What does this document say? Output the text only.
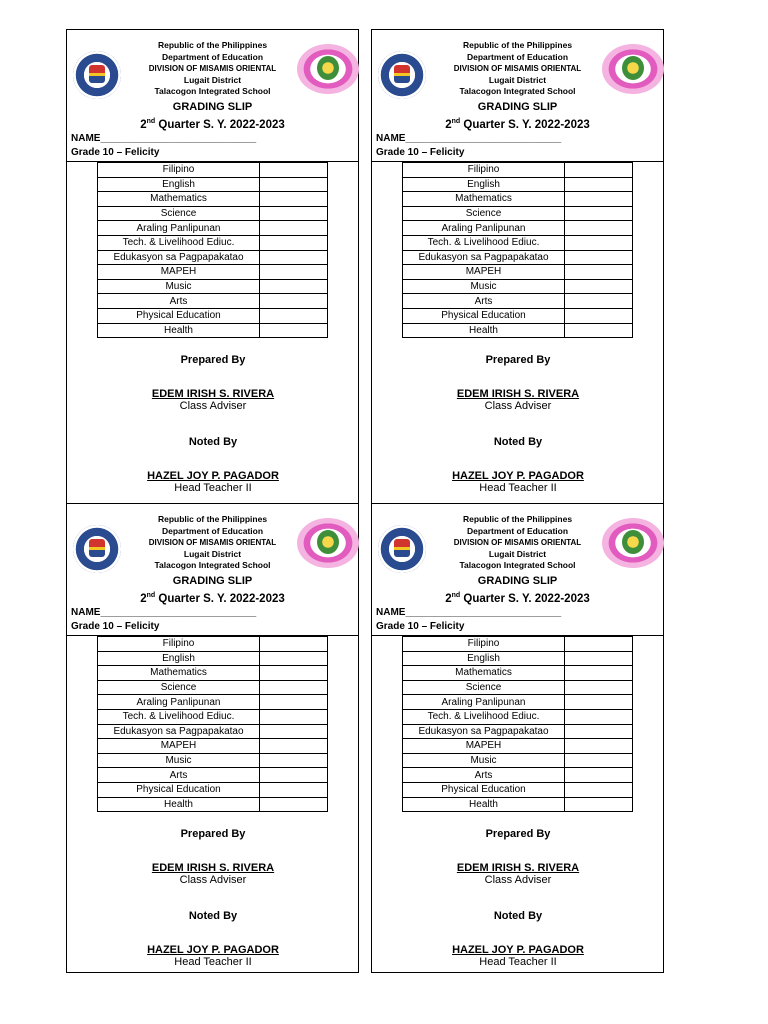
Republic of the Philippines
Department of Education
DIVISION OF MISAMIS ORIENTAL
Lugait District
Talacogon Integrated School
GRADING SLIP
2nd Quarter S. Y. 2022-2023
NAME____________________________
Grade 10 – Felicity
Filipino	
English	
Mathematics	
Science	
Araling Panlipunan	
Tech. & Livelihood Ediuc.	
Edukasyon sa Pagpapakatao	
MAPEH	
Music	
Arts	
Physical Education	
Health	
Prepared By
EDEM IRISH S. RIVERA
Class Adviser
Noted By
HAZEL JOY P. PAGADOR
Head Teacher II
Republic of the Philippines
Department of Education
DIVISION OF MISAMIS ORIENTAL
Lugait District
Talacogon Integrated School
GRADING SLIP
2nd Quarter S. Y. 2022-2023
NAME____________________________
Grade 10 – Felicity
Filipino	
English	
Mathematics	
Science	
Araling Panlipunan	
Tech. & Livelihood Ediuc.	
Edukasyon sa Pagpapakatao	
MAPEH	
Music	
Arts	
Physical Education	
Health	
Prepared By
EDEM IRISH S. RIVERA
Class Adviser
Noted By
HAZEL JOY P. PAGADOR
Head Teacher II
Republic of the Philippines
Department of Education
DIVISION OF MISAMIS ORIENTAL
Lugait District
Talacogon Integrated School
GRADING SLIP
2nd Quarter S. Y. 2022-2023
NAME____________________________
Grade 10 – Felicity
Filipino	
English	
Mathematics	
Science	
Araling Panlipunan	
Tech. & Livelihood Ediuc.	
Edukasyon sa Pagpapakatao	
MAPEH	
Music	
Arts	
Physical Education	
Health	
Prepared By
EDEM IRISH S. RIVERA
Class Adviser
Noted By
HAZEL JOY P. PAGADOR
Head Teacher II
Republic of the Philippines
Department of Education
DIVISION OF MISAMIS ORIENTAL
Lugait District
Talacogon Integrated School
GRADING SLIP
2nd Quarter S. Y. 2022-2023
NAME____________________________
Grade 10 – Felicity
Filipino	
English	
Mathematics	
Science	
Araling Panlipunan	
Tech. & Livelihood Ediuc.	
Edukasyon sa Pagpapakatao	
MAPEH	
Music	
Arts	
Physical Education	
Health	
Prepared By
EDEM IRISH S. RIVERA
Class Adviser
Noted By
HAZEL JOY P. PAGADOR
Head Teacher II
